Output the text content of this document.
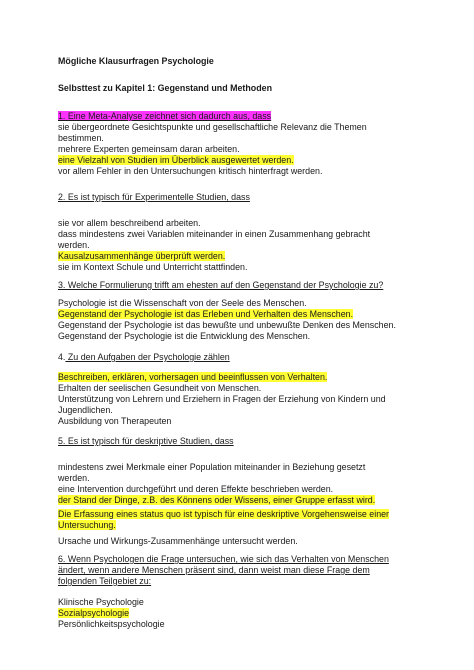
Mögliche Klausurfragen Psychologie
Selbsttest zu Kapitel 1: Gegenstand und Methoden
1. Eine Meta-Analyse zeichnet sich dadurch aus, dass
sie übergeordnete Gesichtspunkte und gesellschaftliche Relevanz die Themen
bestimmen.
mehrere Experten gemeinsam daran arbeiten.
eine Vielzahl von Studien im Überblick ausgewertet werden.
vor allem Fehler in den Untersuchungen kritisch hinterfragt werden.
2. Es ist typisch für Experimentelle Studien, dass
sie vor allem beschreibend arbeiten.
dass mindestens zwei Variablen miteinander in einen Zusammenhang gebracht
werden.
Kausalzusammenhänge überprüft werden.
sie im Kontext Schule und Unterricht stattfinden.
3. Welche Formulierung trifft am ehesten auf den Gegenstand der Psychologie zu?
Psychologie ist die Wissenschaft von der Seele des Menschen.
Gegenstand der Psychologie ist das Erleben und Verhalten des Menschen.
Gegenstand der Psychologie ist das bewußte und unbewußte Denken des Menschen.
Gegenstand der Psychologie ist die Entwicklung des Menschen.
4. Zu den Aufgaben der Psychologie zählen
Beschreiben, erklären, vorhersagen und beeinflussen von Verhalten.
Erhalten der seelischen Gesundheit von Menschen.
Unterstützung von Lehrern und Erziehern in Fragen der Erziehung von Kindern und
Jugendlichen.
Ausbildung von Therapeuten
5. Es ist typisch für deskriptive Studien, dass
mindestens zwei Merkmale einer Population miteinander in Beziehung gesetzt
werden.
eine Intervention durchgeführt und deren Effekte beschrieben werden.
der Stand der Dinge, z.B. des Könnens oder Wissens, einer Gruppe erfasst wird.
Die Erfassung eines status quo ist typisch für eine deskriptive Vorgehensweise einer
Untersuchung.
Ursache und Wirkungs-Zusammenhänge untersucht werden.
6. Wenn Psychologen die Frage untersuchen, wie sich das Verhalten von Menschen
ändert, wenn andere Menschen präsent sind, dann weist man diese Frage dem
folgenden Teilgebiet zu:
Klinische Psychologie
Sozialpsychologie
Persönlichkeitspsychologie
